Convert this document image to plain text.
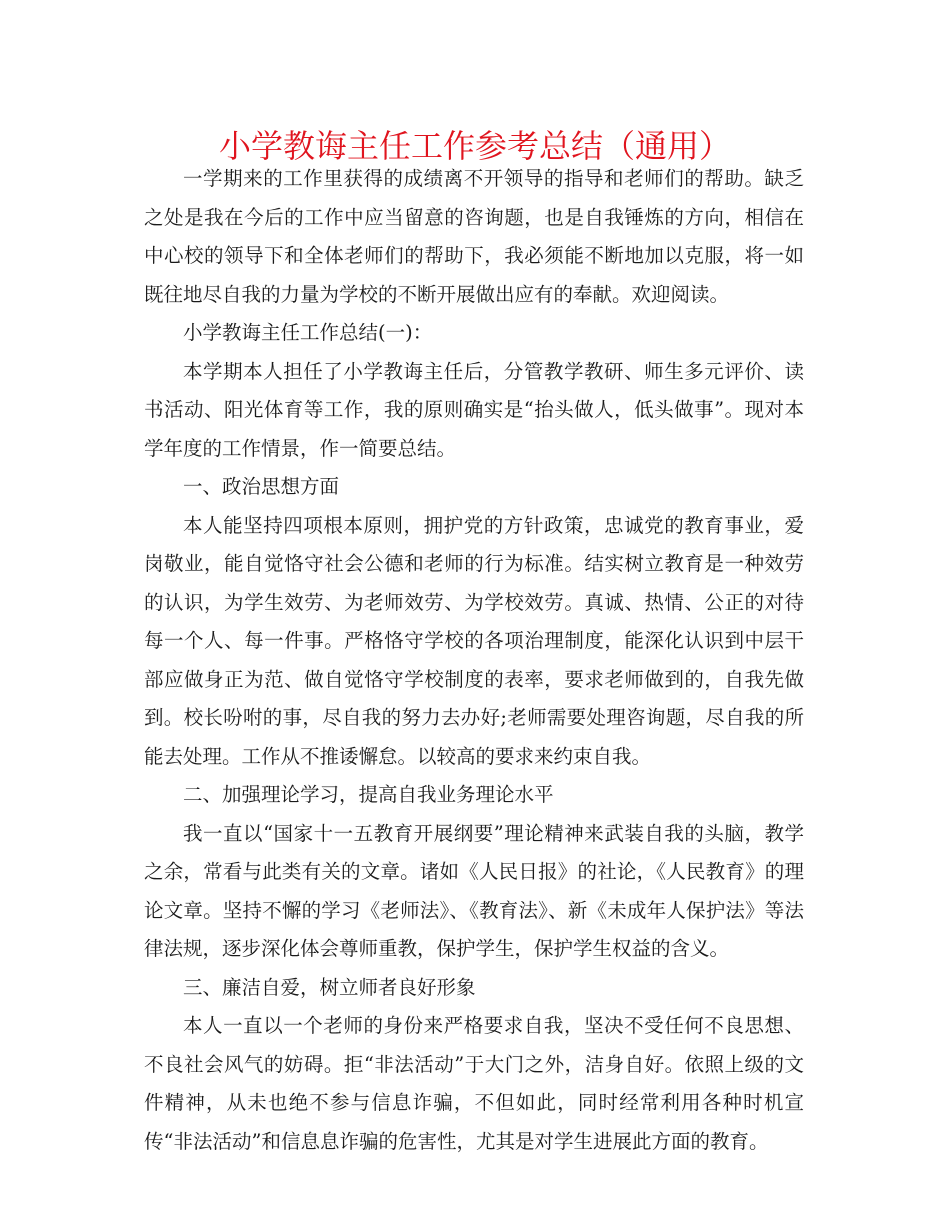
小学教诲主任工作参考总结（通用）

一学期来的工作里获得的成绩离不开领导的指导和老师们的帮助。缺乏之处是我在今后的工作中应当留意的咨询题，也是自我锤炼的方向，相信在中心校的领导下和全体老师们的帮助下，我必须能不断地加以克服，将一如既往地尽自我的力量为学校的不断开展做出应有的奉献。欢迎阅读。

小学教诲主任工作总结(一)：

本学期本人担任了小学教诲主任后，分管教学教研、师生多元评价、读书活动、阳光体育等工作，我的原则确实是“抬头做人，低头做事”。现对本学年度的工作情景，作一简要总结。

一、政治思想方面

本人能坚持四项根本原则，拥护党的方针政策，忠诚党的教育事业，爱岗敬业，能自觉恪守社会公德和老师的行为标准。结实树立教育是一种效劳的认识，为学生效劳、为老师效劳、为学校效劳。真诚、热情、公正的对待每一个人、每一件事。严格恪守学校的各项治理制度，能深化认识到中层干部应做身正为范、做自觉恪守学校制度的表率，要求老师做到的，自我先做到。校长吩咐的事，尽自我的努力去办好;老师需要处理咨询题，尽自我的所能去处理。工作从不推诿懈怠。以较高的要求来约束自我。

二、加强理论学习，提高自我业务理论水平

我一直以“国家十一五教育开展纲要”理论精神来武装自我的头脑，教学之余，常看与此类有关的文章。诸如《人民日报》的社论，《人民教育》的理论文章。坚持不懈的学习《老师法》、《教育法》、新《未成年人保护法》等法律法规，逐步深化体会尊师重教，保护学生，保护学生权益的含义。

三、廉洁自爱，树立师者良好形象

本人一直以一个老师的身份来严格要求自我，坚决不受任何不良思想、不良社会风气的妨碍。拒“非法活动”于大门之外，洁身自好。依照上级的文件精神，从未也绝不参与信息诈骗，不但如此，同时经常利用各种时机宣传“非法活动”和信息息诈骗的危害性，尤其是对学生进展此方面的教育。
